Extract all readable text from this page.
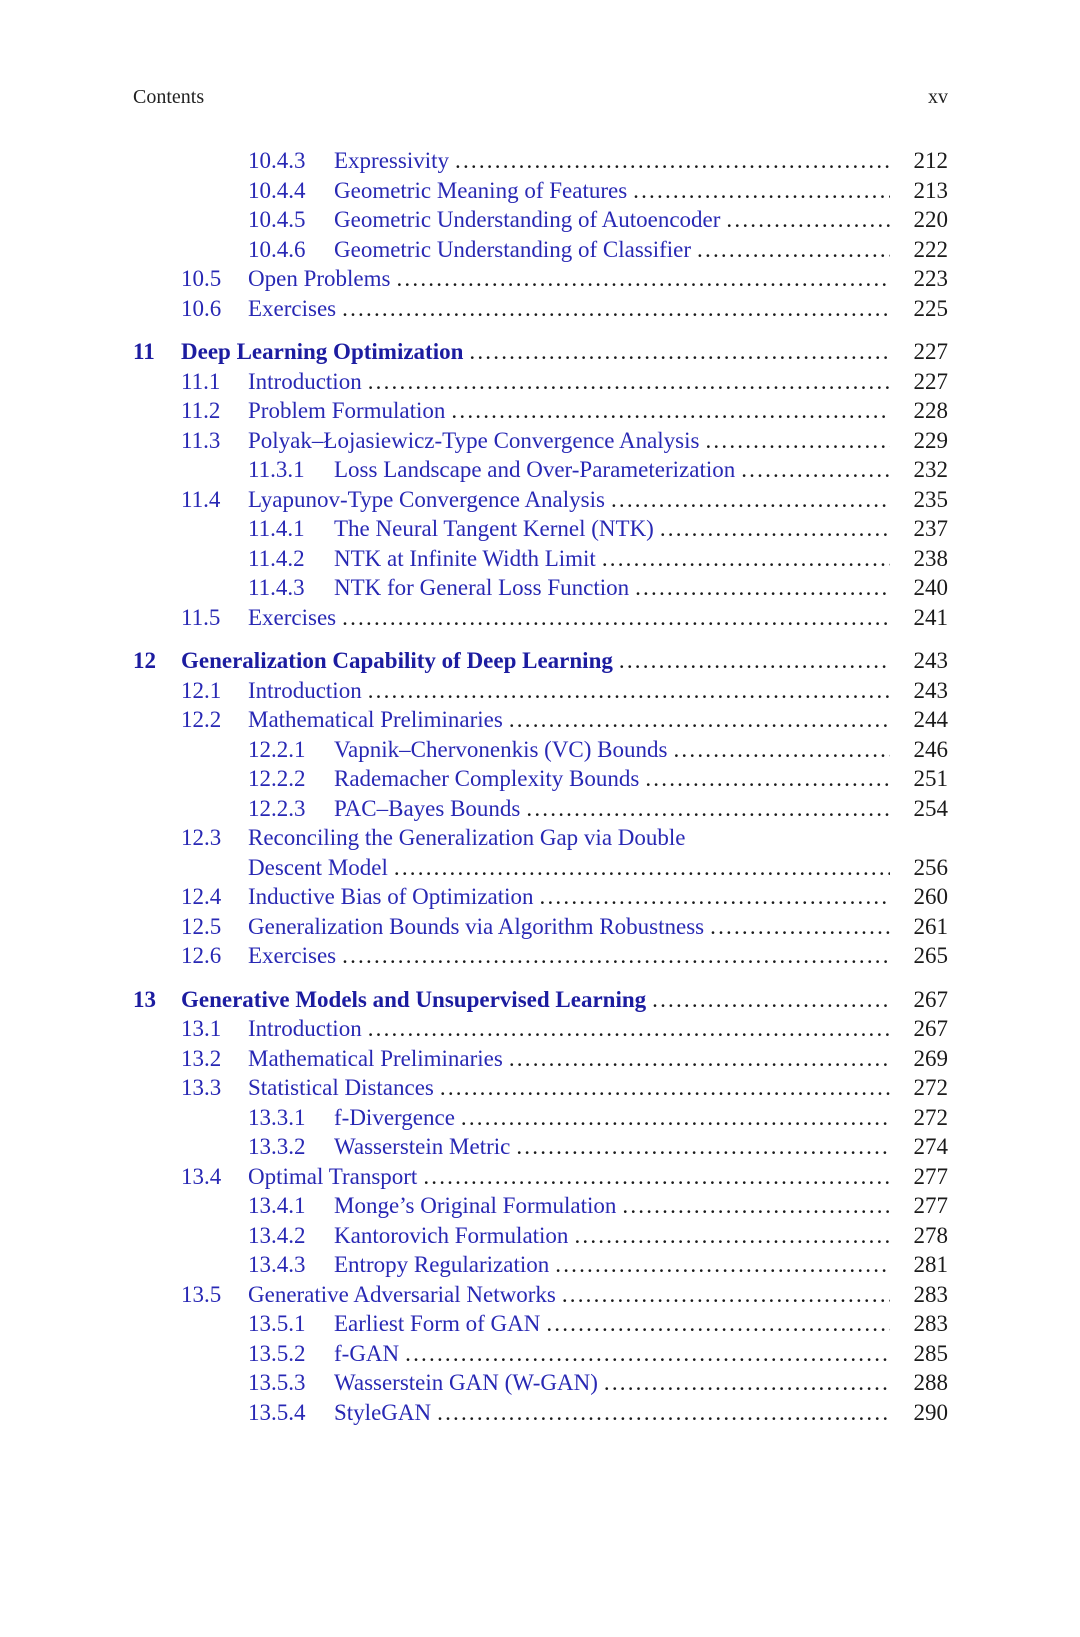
Contents	xv
10.4.3 Expressivity .....	212
10.4.4 Geometric Meaning of Features .....	213
10.4.5 Geometric Understanding of Autoencoder .....	220
10.4.6 Geometric Understanding of Classifier .....	222
10.5 Open Problems .....	223
10.6 Exercises .....	225
11 Deep Learning Optimization .....	227
11.1 Introduction .....	227
11.2 Problem Formulation .....	228
11.3 Polyak–Łojasiewicz-Type Convergence Analysis .....	229
11.3.1 Loss Landscape and Over-Parameterization .....	232
11.4 Lyapunov-Type Convergence Analysis .....	235
11.4.1 The Neural Tangent Kernel (NTK) .....	237
11.4.2 NTK at Infinite Width Limit .....	238
11.4.3 NTK for General Loss Function .....	240
11.5 Exercises .....	241
12 Generalization Capability of Deep Learning .....	243
12.1 Introduction .....	243
12.2 Mathematical Preliminaries .....	244
12.2.1 Vapnik–Chervonenkis (VC) Bounds .....	246
12.2.2 Rademacher Complexity Bounds .....	251
12.2.3 PAC–Bayes Bounds .....	254
12.3 Reconciling the Generalization Gap via Double
Descent Model .....	256
12.4 Inductive Bias of Optimization .....	260
12.5 Generalization Bounds via Algorithm Robustness .....	261
12.6 Exercises .....	265
13 Generative Models and Unsupervised Learning .....	267
13.1 Introduction .....	267
13.2 Mathematical Preliminaries .....	269
13.3 Statistical Distances .....	272
13.3.1 f-Divergence .....	272
13.3.2 Wasserstein Metric .....	274
13.4 Optimal Transport .....	277
13.4.1 Monge’s Original Formulation .....	277
13.4.2 Kantorovich Formulation .....	278
13.4.3 Entropy Regularization .....	281
13.5 Generative Adversarial Networks .....	283
13.5.1 Earliest Form of GAN .....	283
13.5.2 f-GAN .....	285
13.5.3 Wasserstein GAN (W-GAN) .....	288
13.5.4 StyleGAN .....	290
